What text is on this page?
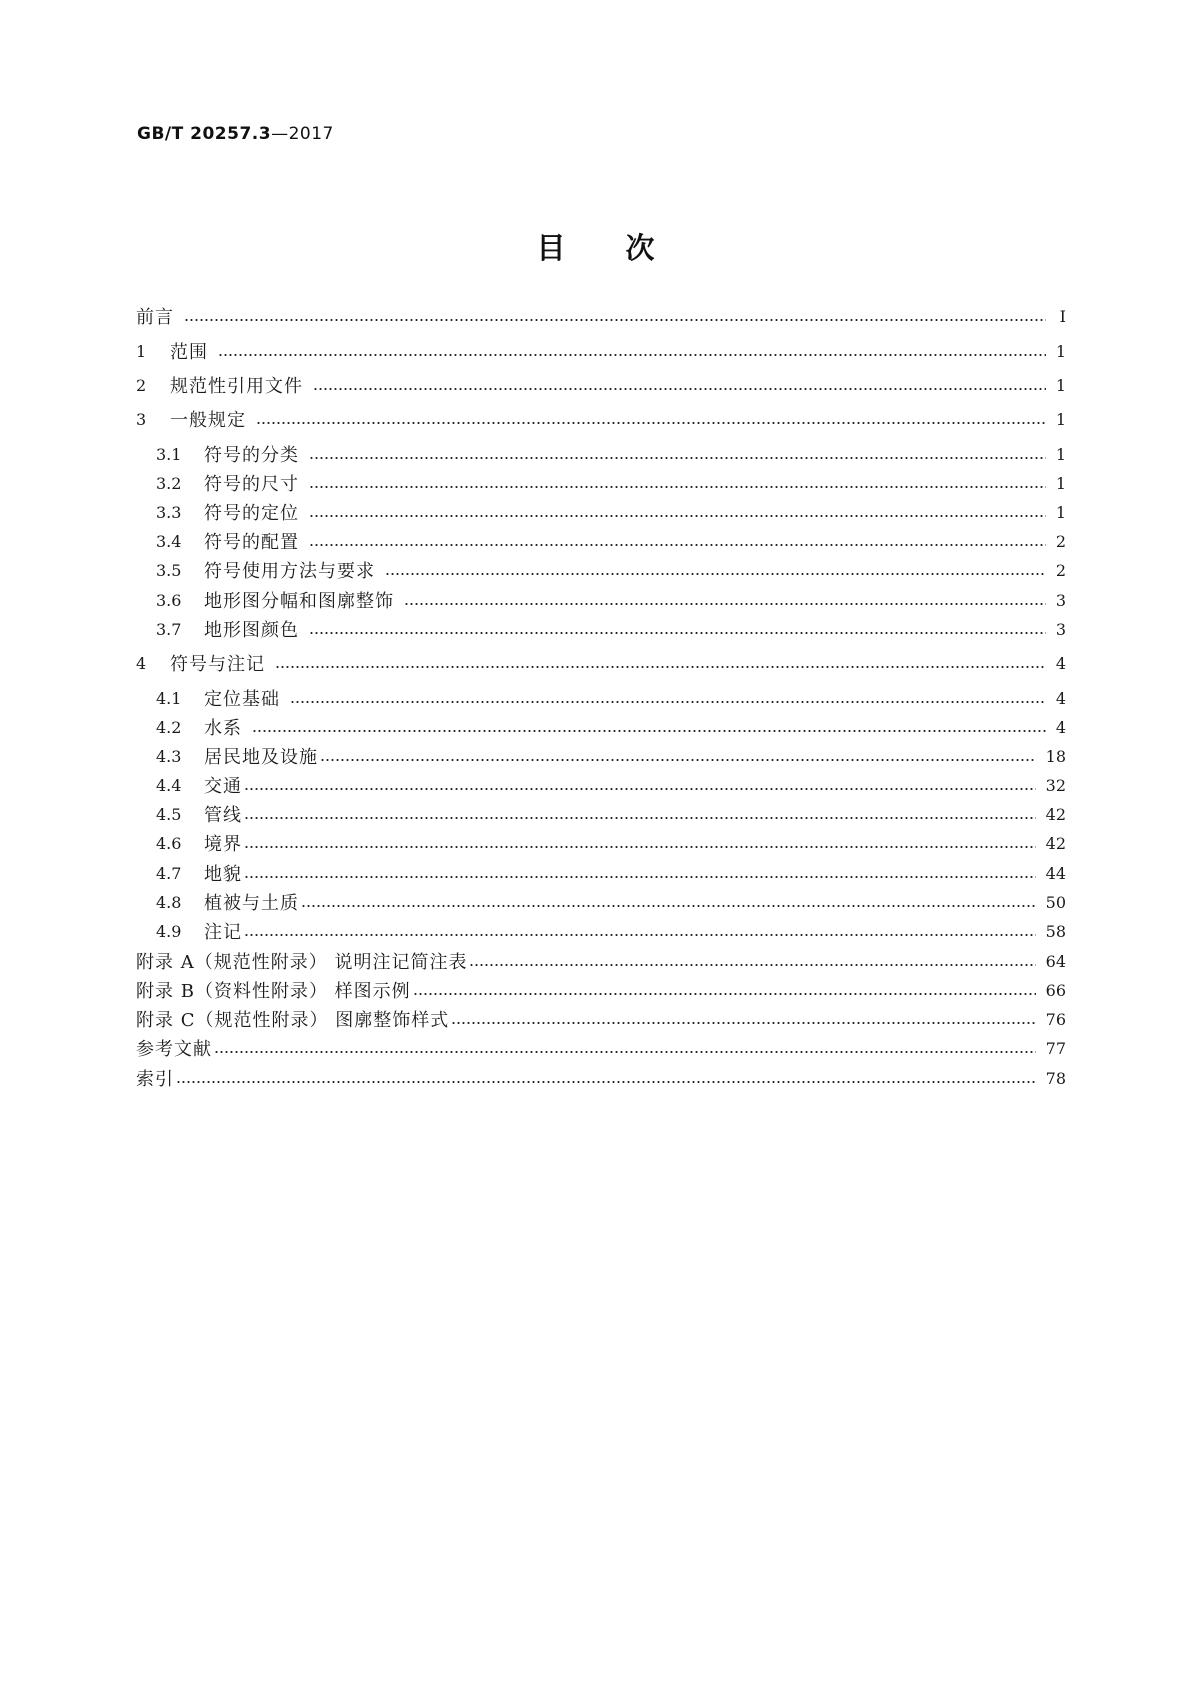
GB/T 20257.3—2017
目次
前言	Ⅰ
1	范围	1
2	规范性引用文件	1
3	一般规定	1
3.1	符号的分类	1
3.2	符号的尺寸	1
3.3	符号的定位	1
3.4	符号的配置	2
3.5	符号使用方法与要求	2
3.6	地形图分幅和图廓整饰	3
3.7	地形图颜色	3
4	符号与注记	4
4.1	定位基础	4
4.2	水系	4
4.3	居民地及设施	18
4.4	交通	32
4.5	管线	42
4.6	境界	42
4.7	地貌	44
4.8	植被与土质	50
4.9	注记	58
附录 A（规范性附录） 说明注记简注表	64
附录 B（资料性附录） 样图示例	66
附录 C（规范性附录） 图廓整饰样式	76
参考文献	77
索引	78
